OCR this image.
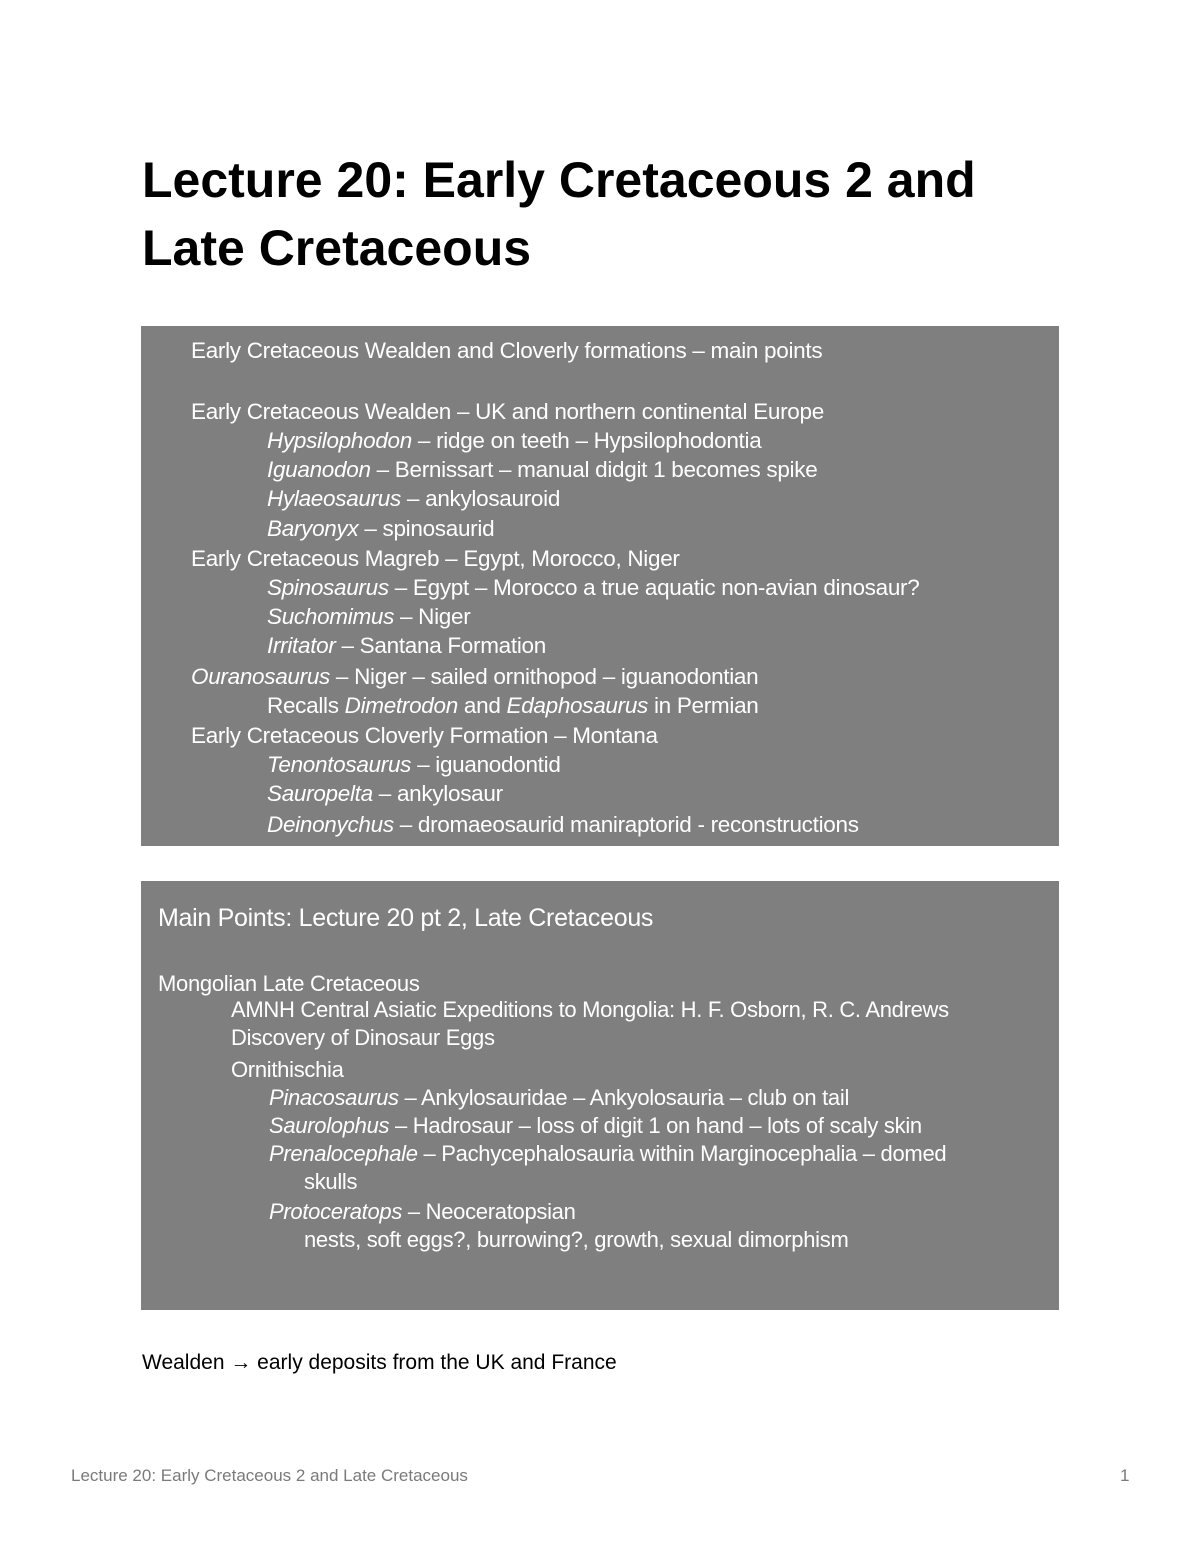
Lecture 20: Early Cretaceous 2 and Late Cretaceous
Early Cretaceous Wealden and Cloverly formations – main points
Early Cretaceous Wealden – UK and northern continental Europe
Hypsilophodon – ridge on teeth – Hypsilophodontia
Iguanodon – Bernissart – manual didgit 1 becomes spike
Hylaeosaurus – ankylosauroid
Baryonyx – spinosaurid
Early Cretaceous Magreb – Egypt, Morocco, Niger
Spinosaurus – Egypt – Morocco a true aquatic non-avian dinosaur?
Suchomimus – Niger
Irritator – Santana Formation
Ouranosaurus – Niger – sailed ornithopod – iguanodontian
Recalls Dimetrodon and Edaphosaurus in Permian
Early Cretaceous Cloverly Formation – Montana
Tenontosaurus – iguanodontid
Sauropelta – ankylosaur
Deinonychus – dromaeosaurid maniraptorid - reconstructions
Main Points: Lecture 20 pt 2, Late Cretaceous
Mongolian Late Cretaceous
AMNH Central Asiatic Expeditions to Mongolia: H. F. Osborn, R. C. Andrews
Discovery of Dinosaur Eggs
Ornithischia
Pinacosaurus – Ankylosauridae – Ankyolosauria – club on tail
Saurolophus – Hadrosaur – loss of digit 1 on hand – lots of scaly skin
Prenalocephale – Pachycephalosauria within Marginocephalia – domed
skulls
Protoceratops – Neoceratopsian
nests, soft eggs?, burrowing?, growth, sexual dimorphism
Wealden → early deposits from the UK and France
Lecture 20: Early Cretaceous 2 and Late Cretaceous	1
